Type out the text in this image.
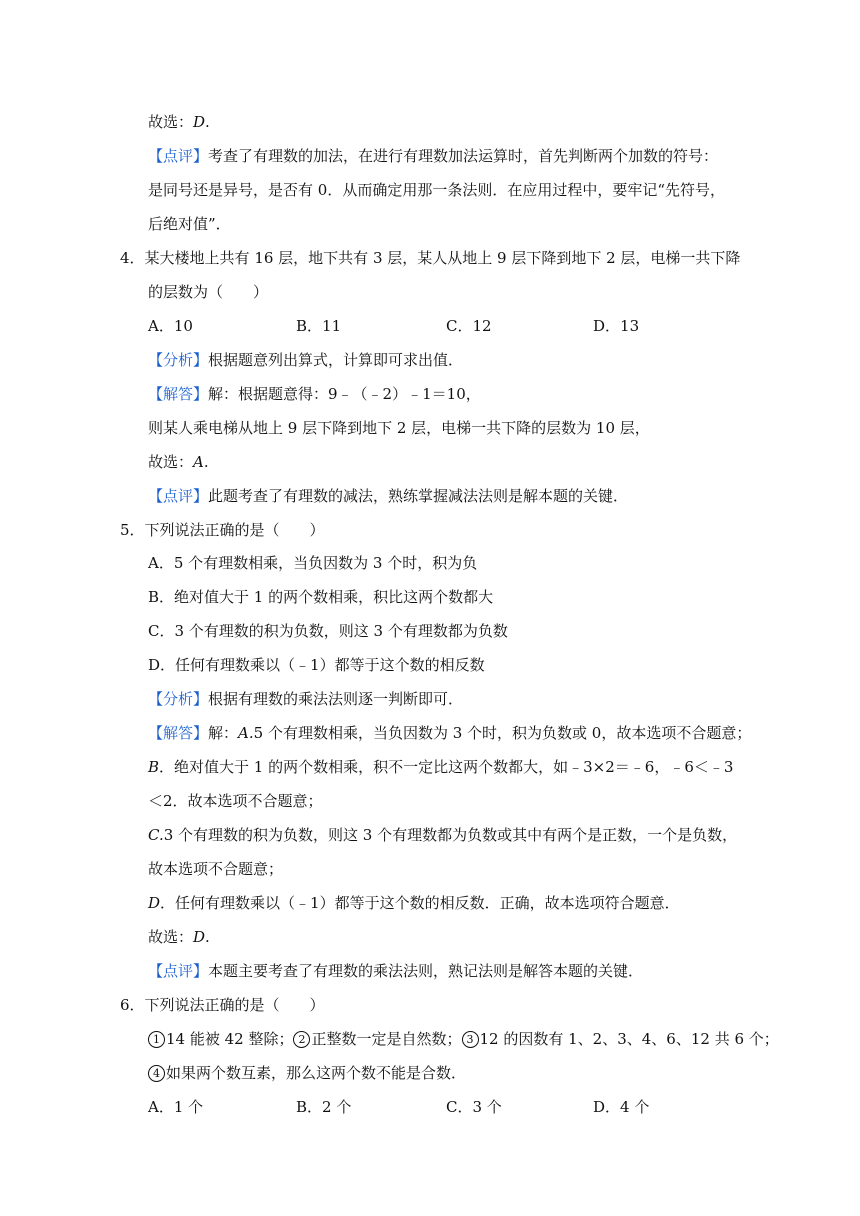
故选：D.
【点评】考查了有理数的加法，在进行有理数加法运算时，首先判断两个加数的符号：
是同号还是异号，是否有 0．从而确定用那一条法则．在应用过程中，要牢记“先符号，
后绝对值”．
4．某大楼地上共有 16 层，地下共有 3 层，某人从地上 9 层下降到地下 2 层，电梯一共下降
的层数为（　　）
A．10	B．11	C．12	D．13
【分析】根据题意列出算式，计算即可求出值．
【解答】解：根据题意得：9﹣（﹣2）﹣1＝10，
则某人乘电梯从地上 9 层下降到地下 2 层，电梯一共下降的层数为 10 层，
故选：A.
【点评】此题考查了有理数的减法，熟练掌握减法法则是解本题的关键．
5．下列说法正确的是（　　）
A．5 个有理数相乘，当负因数为 3 个时，积为负
B．绝对值大于 1 的两个数相乘，积比这两个数都大
C．3 个有理数的积为负数，则这 3 个有理数都为负数
D．任何有理数乘以（﹣1）都等于这个数的相反数
【分析】根据有理数的乘法法则逐一判断即可．
【解答】解：A.5 个有理数相乘，当负因数为 3 个时，积为负数或 0，故本选项不合题意；
B．绝对值大于 1 的两个数相乘，积不一定比这两个数都大，如﹣3×2＝﹣6，﹣6＜﹣3
＜2．故本选项不合题意；
C.3 个有理数的积为负数，则这 3 个有理数都为负数或其中有两个是正数，一个是负数，
故本选项不合题意；
D．任何有理数乘以（﹣1）都等于这个数的相反数．正确，故本选项符合题意．
故选：D.
【点评】本题主要考查了有理数的乘法法则，熟记法则是解答本题的关键．
6．下列说法正确的是（　　）
1 14 能被 42 整除； 2 正整数一定是自然数； 3 12 的因数有 1、2、3、4、6、12 共 6 个；
4 如果两个数互素，那么这两个数不能是合数．
A．1 个	B．2 个	C．3 个	D．4 个
